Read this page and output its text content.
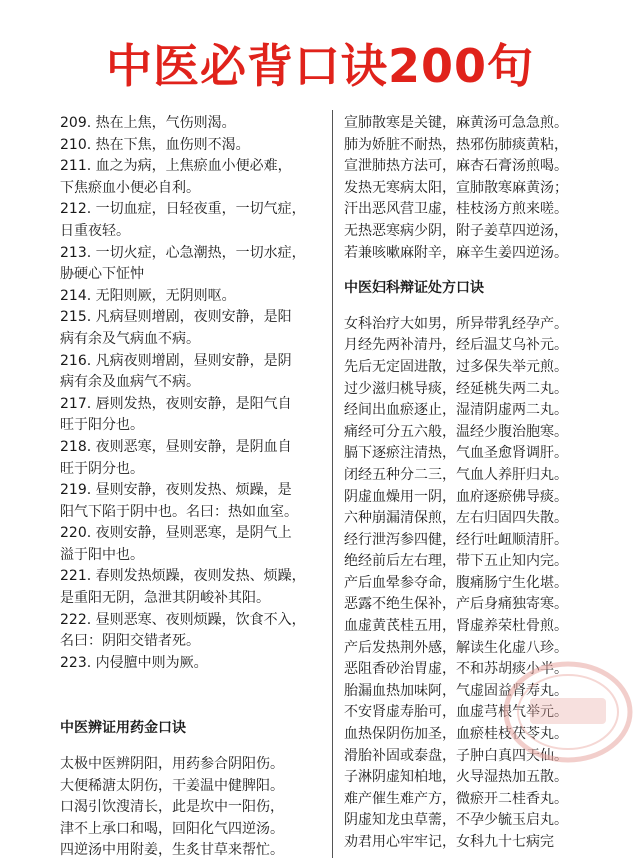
中医必背口诀200句
209. 热在上焦，气伤则渴。
210. 热在下焦，血伤则不渴。
211. 血之为病，上焦瘀血小便必难，
下焦瘀血小便必自利。
212. 一切血症，日轻夜重，一切气症，
日重夜轻。
213. 一切火症，心急潮热，一切水症，
胁硬心下怔忡
214. 无阳则厥，无阴则呕。
215. 凡病昼则增剧，夜则安静，是阳
病有余及气病血不病。
216. 凡病夜则增剧，昼则安静，是阴
病有余及血病气不病。
217. 唇则发热，夜则安静，是阳气自
旺于阳分也。
218. 夜则恶寒，昼则安静，是阴血自
旺于阴分也。
219. 昼则安静，夜则发热、烦躁，是
阳气下陷于阴中也。名曰：热如血室。
220. 夜则安静，昼则恶寒，是阴气上
溢于阳中也。
221. 春则发热烦躁，夜则发热、烦躁，
是重阳无阴，急泄其阴峻补其阳。
222. 昼则恶寒、夜则烦躁，饮食不入，
名曰：阴阳交错者死。
223. 内侵膻中则为厥。
中医辨证用药金口诀
太极中医辨阴阳，用药参合阴阳伤。
大便稀溏太阴伤，干姜温中健脾阳。
口渴引饮溲清长，此是坎中一阳伤，
津不上承口和喝，回阳化气四逆汤。
四逆汤中用附姜，生炙甘草来帮忙。
宣肺散寒是关键，麻黄汤可急急煎。
肺为娇脏不耐热，热邪伤肺痰黄粘，
宣泄肺热方法可，麻杏石膏汤煎喝。
发热无寒病太阳，宣肺散寒麻黄汤；
汗出恶风营卫虚，桂枝汤方煎来嗟。
无热恶寒病少阴，附子姜草四逆汤，
若兼咳嗽麻附辛，麻辛生姜四逆汤。
中医妇科辩证处方口诀
女科治疗大如男，所异带乳经孕产。
月经先两补清丹，经后温艾乌补元。
先后无定固进散，过多保失举元煎。
过少滋归桃导痰，经延桃失两二丸。
经间出血瘀逐止，湿清阴虚两二丸。
痛经可分五六般，温经少腹治胞寒。
膈下逐瘀注清热，气血圣愈肾调肝。
闭经五种分二三，气血人养肝归丸。
阴虚血燥用一阴，血府逐瘀佛导痰。
六种崩漏清保煎，左右归固四失散。
经行泄泻参四健，经行吐衄顺清肝。
绝经前后左右理，带下五止知内完。
产后血晕参夺命，腹痛肠宁生化堪。
恶露不绝生保补，产后身痛独寄寒。
血虚黄芪桂五用，肾虚养荣杜骨煎。
产后发热荆外感，解读生化虚八珍。
恶阻香砂治胃虚，不和苏胡痰小半。
胎漏血热加味阿，气虚固益肾寿丸。
不安肾虚寿胎可，血虚芎根气举元。
血热保阴伤加圣，血瘀桂枝茯苓丸。
滑胎补固或泰盘，子肿白真四天仙。
子淋阴虚知柏地，火导湿热加五散。
难产催生难产方，微瘀开二桂香丸。
阴虚知龙虫草薷，不孕少毓玉启丸。
劝君用心牢牢记，女科九十七病完
